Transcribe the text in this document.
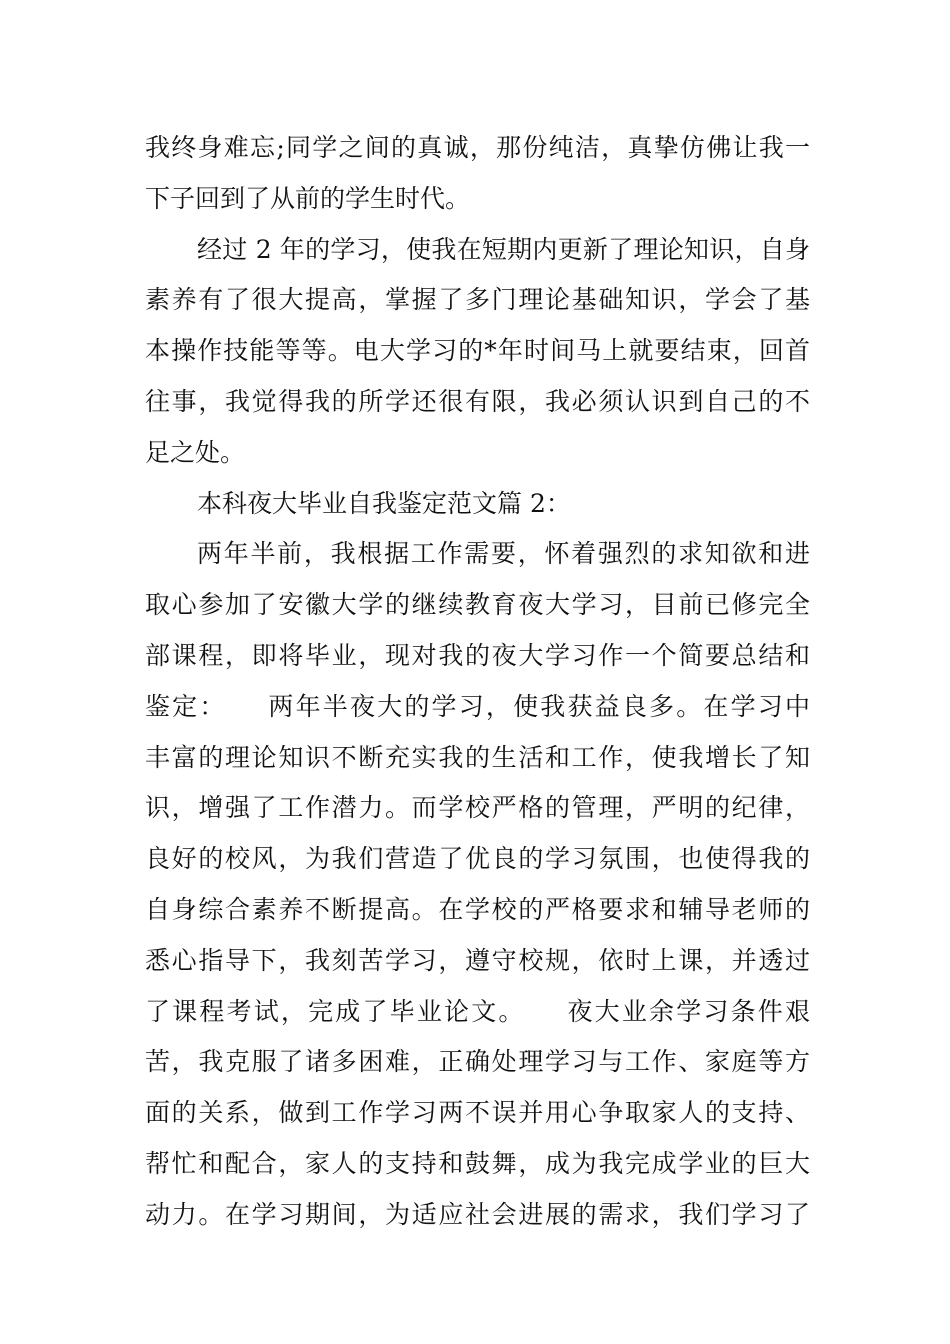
我终身难忘;同学之间的真诚，那份纯洁，真挚仿佛让我一
下子回到了从前的学生时代。
经过 2 年的学习，使我在短期内更新了理论知识，自身
素养有了很大提高，掌握了多门理论基础知识，学会了基
本操作技能等等。电大学习的*年时间马上就要结束，回首
往事，我觉得我的所学还很有限，我必须认识到自己的不
足之处。
本科夜大毕业自我鉴定范文篇 2：
两年半前，我根据工作需要，怀着强烈的求知欲和进
取心参加了安徽大学的继续教育夜大学习，目前已修完全
部课程，即将毕业，现对我的夜大学习作一个简要总结和
鉴定：　　两年半夜大的学习，使我获益良多。在学习中
丰富的理论知识不断充实我的生活和工作，使我增长了知
识，增强了工作潜力。而学校严格的管理，严明的纪律，
良好的校风，为我们营造了优良的学习氛围，也使得我的
自身综合素养不断提高。在学校的严格要求和辅导老师的
悉心指导下，我刻苦学习，遵守校规，依时上课，并透过
了课程考试，完成了毕业论文。　　夜大业余学习条件艰
苦，我克服了诸多困难，正确处理学习与工作、家庭等方
面的关系，做到工作学习两不误并用心争取家人的支持、
帮忙和配合，家人的支持和鼓舞，成为我完成学业的巨大
动力。在学习期间，为适应社会进展的需求，我们学习了
